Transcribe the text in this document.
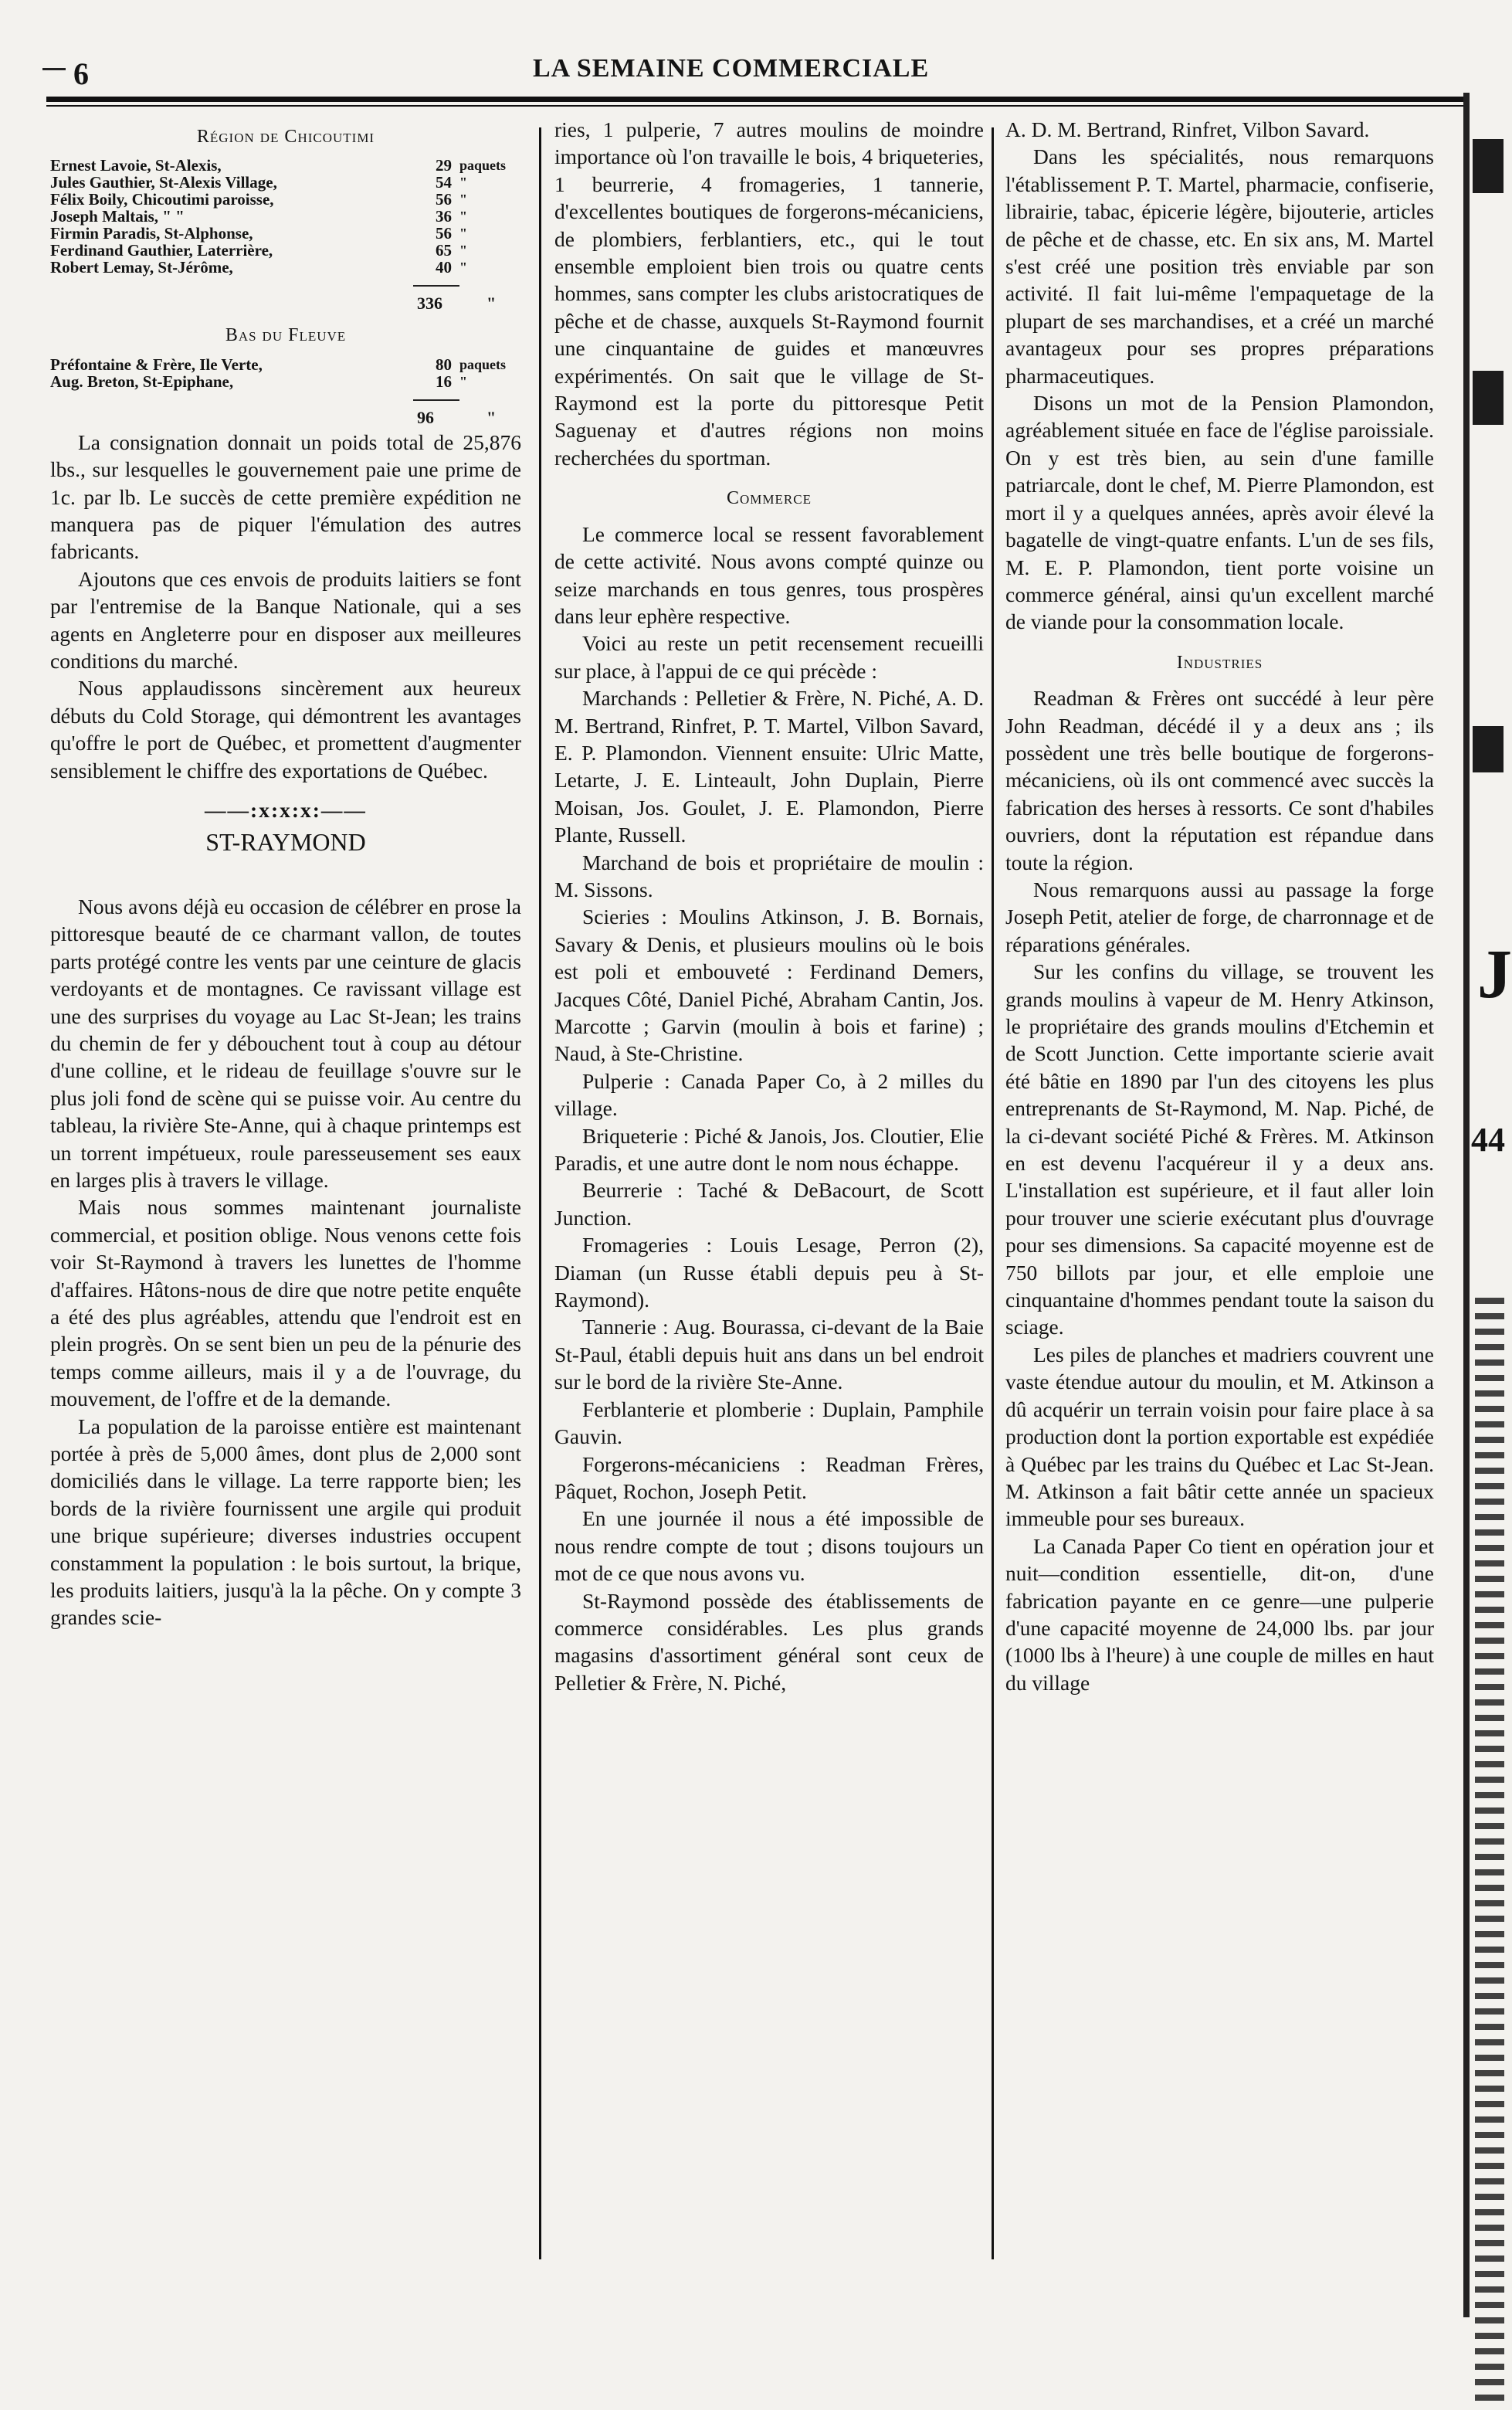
6	LA SEMAINE COMMERCIALE
Région de Chicoutimi
Ernest Lavoie, St-Alexis,	29	paquets
Jules Gauthier, St-Alexis Village,	54	"
Félix Boily, Chicoutimi paroisse,	56	"
Joseph Maltais, " "	36	"
Firmin Paradis, St-Alphonse,	56	"
Ferdinand Gauthier, Laterrière,	65	"
Robert Lemay, St-Jérôme,	40	"
336	"
Bas du Fleuve
Préfontaine & Frère, Ile Verte,	80	paquets
Aug. Breton, St-Epiphane,	16	"
96	"

La consignation donnait un poids total de 25,876 lbs., sur lesquelles le gouvernement paie une prime de 1c. par lb. Le succès de cette première expédition ne manquera pas de piquer l'émulation des autres fabricants.

Ajoutons que ces envois de produits laitiers se font par l'entremise de la Banque Nationale, qui a ses agents en Angleterre pour en disposer aux meilleures conditions du marché.

Nous applaudissons sincèrement aux heureux débuts du Cold Storage, qui démontrent les avantages qu'offre le port de Québec, et promettent d'augmenter sensiblement le chiffre des exportations de Québec.

——:x:x:x:——
ST-RAYMOND

Nous avons déjà eu occasion de célébrer en prose la pittoresque beauté de ce charmant vallon, de toutes parts protégé contre les vents par une ceinture de glacis verdoyants et de montagnes. Ce ravissant village est une des surprises du voyage au Lac St-Jean; les trains du chemin de fer y débouchent tout à coup au détour d'une colline, et le rideau de feuillage s'ouvre sur le plus joli fond de scène qui se puisse voir. Au centre du tableau, la rivière Ste-Anne, qui à chaque printemps est un torrent impétueux, roule paresseusement ses eaux en larges plis à travers le village.

Mais nous sommes maintenant journaliste commercial, et position oblige. Nous venons cette fois voir St-Raymond à travers les lunettes de l'homme d'affaires. Hâtons-nous de dire que notre petite enquête a été des plus agréables, attendu que l'endroit est en plein progrès. On se sent bien un peu de la pénurie des temps comme ailleurs, mais il y a de l'ouvrage, du mouvement, de l'offre et de la demande.

La population de la paroisse entière est maintenant portée à près de 5,000 âmes, dont plus de 2,000 sont domiciliés dans le village. La terre rapporte bien; les bords de la rivière fournissent une argile qui produit une brique supérieure; diverses industries occupent constamment la population : le bois surtout, la brique, les produits laitiers, jusqu'à la la pêche. On y compte 3 grandes scie-

ries, 1 pulperie, 7 autres moulins de moindre importance où l'on travaille le bois, 4 briqueteries, 1 beurrerie, 4 fromageries, 1 tannerie, d'excellentes boutiques de forgerons-mécaniciens, de plombiers, ferblantiers, etc., qui le tout ensemble emploient bien trois ou quatre cents hommes, sans compter les clubs aristocratiques de pêche et de chasse, auxquels St-Raymond fournit une cinquantaine de guides et manœuvres expérimentés. On sait que le village de St-Raymond est la porte du pittoresque Petit Saguenay et d'autres régions non moins recherchées du sportman.

Commerce

Le commerce local se ressent favorablement de cette activité. Nous avons compté quinze ou seize marchands en tous genres, tous prospères dans leur ephère respective.

Voici au reste un petit recensement recueilli sur place, à l'appui de ce qui précède :

Marchands : Pelletier & Frère, N. Piché, A. D. M. Bertrand, Rinfret, P. T. Martel, Vilbon Savard, E. P. Plamondon. Viennent ensuite: Ulric Matte, Letarte, J. E. Linteault, John Duplain, Pierre Moisan, Jos. Goulet, J. E. Plamondon, Pierre Plante, Russell.

Marchand de bois et propriétaire de moulin : M. Sissons.

Scieries : Moulins Atkinson, J. B. Bornais, Savary & Denis, et plusieurs moulins où le bois est poli et embouveté : Ferdinand Demers, Jacques Côté, Daniel Piché, Abraham Cantin, Jos. Marcotte ; Garvin (moulin à bois et farine) ; Naud, à Ste-Christine.

Pulperie : Canada Paper Co, à 2 milles du village.

Briqueterie : Piché & Janois, Jos. Cloutier, Elie Paradis, et une autre dont le nom nous échappe.

Beurrerie : Taché & DeBacourt, de Scott Junction.

Fromageries : Louis Lesage, Perron (2), Diaman (un Russe établi depuis peu à St-Raymond).

Tannerie : Aug. Bourassa, ci-devant de la Baie St-Paul, établi depuis huit ans dans un bel endroit sur le bord de la rivière Ste-Anne.

Ferblanterie et plomberie : Duplain, Pamphile Gauvin.

Forgerons-mécaniciens : Readman Frères, Pâquet, Rochon, Joseph Petit.

En une journée il nous a été impossible de nous rendre compte de tout ; disons toujours un mot de ce que nous avons vu.

St-Raymond possède des établissements de commerce considérables. Les plus grands magasins d'assortiment général sont ceux de Pelletier & Frère, N. Piché,

A. D. M. Bertrand, Rinfret, Vilbon Savard.

Dans les spécialités, nous remarquons l'établissement P. T. Martel, pharmacie, confiserie, librairie, tabac, épicerie légère, bijouterie, articles de pêche et de chasse, etc. En six ans, M. Martel s'est créé une position très enviable par son activité. Il fait lui-même l'empaquetage de la plupart de ses marchandises, et a créé un marché avantageux pour ses propres préparations pharmaceutiques.

Disons un mot de la Pension Plamondon, agréablement située en face de l'église paroissiale. On y est très bien, au sein d'une famille patriarcale, dont le chef, M. Pierre Plamondon, est mort il y a quelques années, après avoir élevé la bagatelle de vingt-quatre enfants. L'un de ses fils, M. E. P. Plamondon, tient porte voisine un commerce général, ainsi qu'un excellent marché de viande pour la consommation locale.

Industries

Readman & Frères ont succédé à leur père John Readman, décédé il y a deux ans ; ils possèdent une très belle boutique de forgerons-mécaniciens, où ils ont commencé avec succès la fabrication des herses à ressorts. Ce sont d'habiles ouvriers, dont la réputation est répandue dans toute la région.

Nous remarquons aussi au passage la forge Joseph Petit, atelier de forge, de charronnage et de réparations générales.

Sur les confins du village, se trouvent les grands moulins à vapeur de M. Henry Atkinson, le propriétaire des grands moulins d'Etchemin et de Scott Junction. Cette importante scierie avait été bâtie en 1890 par l'un des citoyens les plus entreprenants de St-Raymond, M. Nap. Piché, de la ci-devant société Piché & Frères. M. Atkinson en est devenu l'acquéreur il y a deux ans. L'installation est supérieure, et il faut aller loin pour trouver une scierie exécutant plus d'ouvrage pour ses dimensions. Sa capacité moyenne est de 750 billots par jour, et elle emploie une cinquantaine d'hommes pendant toute la saison du sciage.

Les piles de planches et madriers couvrent une vaste étendue autour du moulin, et M. Atkinson a dû acquérir un terrain voisin pour faire place à sa production dont la portion exportable est expédiée à Québec par les trains du Québec et Lac St-Jean. M. Atkinson a fait bâtir cette année un spacieux immeuble pour ses bureaux.

La Canada Paper Co tient en opération jour et nuit—condition essentielle, dit-on, d'une fabrication payante en ce genre—une pulperie d'une capacité moyenne de 24,000 lbs. par jour (1000 lbs à l'heure) à une couple de milles en haut du village

J
44
